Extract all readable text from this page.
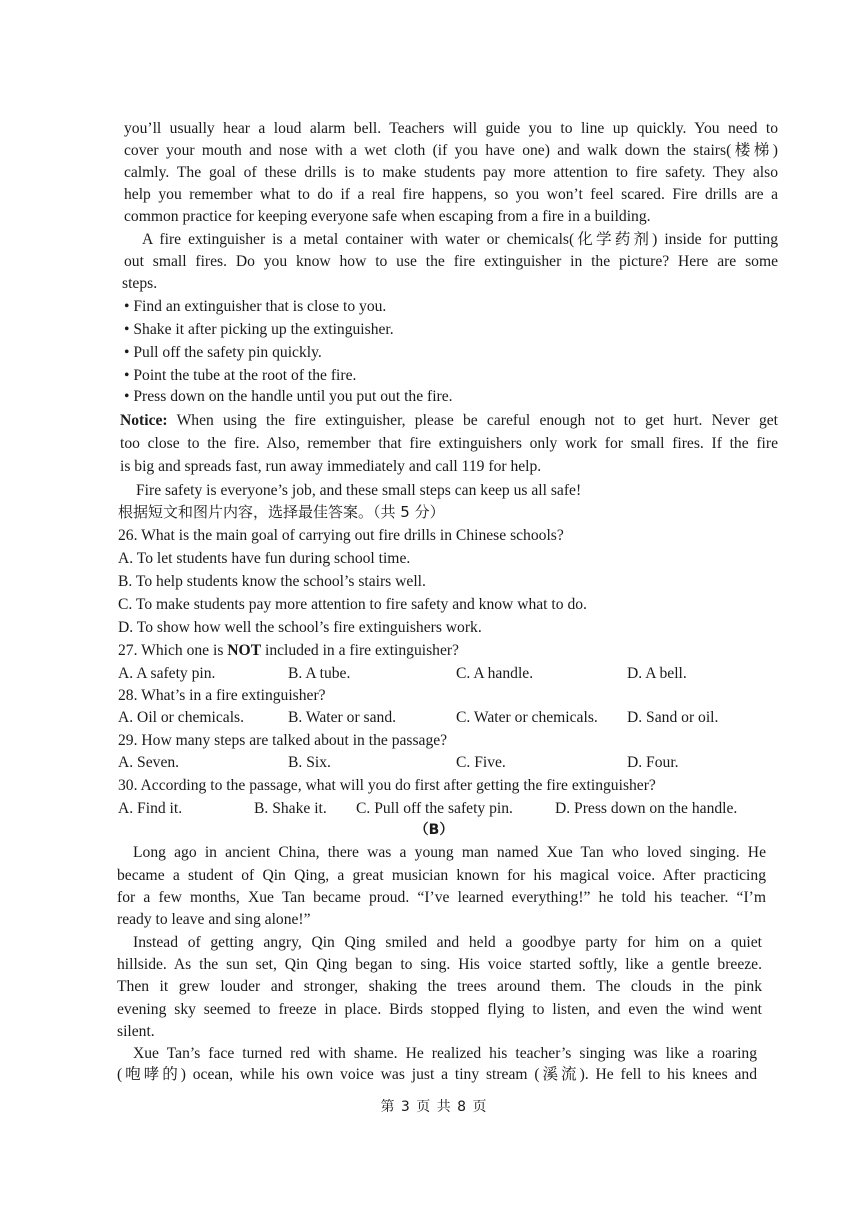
you’ll usually hear a loud alarm bell. Teachers will guide you to line up quickly. You need to
cover your mouth and nose with a wet cloth (if you have one) and walk down the stairs(楼梯)
calmly. The goal of these drills is to make students pay more attention to fire safety. They also
help you remember what to do if a real fire happens, so you won’t feel scared. Fire drills are a
common practice for keeping everyone safe when escaping from a fire in a building.
A fire extinguisher is a metal container with water or chemicals(化学药剂) inside for putting
out small fires. Do you know how to use the fire extinguisher in the picture? Here are some
steps.
• Find an extinguisher that is close to you.
• Shake it after picking up the extinguisher.
• Pull off the safety pin quickly.
• Point the tube at the root of the fire.
• Press down on the handle until you put out the fire.
Notice: When using the fire extinguisher, please be careful enough not to get hurt. Never get
too close to the fire. Also, remember that fire extinguishers only work for small fires. If the fire
is big and spreads fast, run away immediately and call 119 for help.
Fire safety is everyone’s job, and these small steps can keep us all safe!
根据短文和图片内容，选择最佳答案。（共 5 分）
26. What is the main goal of carrying out fire drills in Chinese schools?
A. To let students have fun during school time.
B. To help students know the school’s stairs well.
C. To make students pay more attention to fire safety and know what to do.
D. To show how well the school’s fire extinguishers work.
27. Which one is NOT included in a fire extinguisher?
A. A safety pin.	B. A tube.	C. A handle.	D. A bell.
28. What’s in a fire extinguisher?
A. Oil or chemicals.	B. Water or sand.	C. Water or chemicals. D. Sand or oil.
29. How many steps are talked about in the passage?
A. Seven.	B. Six.	C. Five.	D. Four.
30. According to the passage, what will you do first after getting the fire extinguisher?
A. Find it.	B. Shake it. C. Pull off the safety pin.	D. Press down on the handle.
（B）
Long ago in ancient China, there was a young man named Xue Tan who loved singing. He
became a student of Qin Qing, a great musician known for his magical voice. After practicing
for a few months, Xue Tan became proud. “I’ve learned everything!” he told his teacher. “I’m
ready to leave and sing alone!”
Instead of getting angry, Qin Qing smiled and held a goodbye party for him on a quiet
hillside. As the sun set, Qin Qing began to sing. His voice started softly, like a gentle breeze.
Then it grew louder and stronger, shaking the trees around them. The clouds in the pink
evening sky seemed to freeze in place. Birds stopped flying to listen, and even the wind went
silent.
Xue Tan’s face turned red with shame. He realized his teacher’s singing was like a roaring
(咆哮的) ocean, while his own voice was just a tiny stream (溪流). He fell to his knees and
第 3 页 共 8 页
